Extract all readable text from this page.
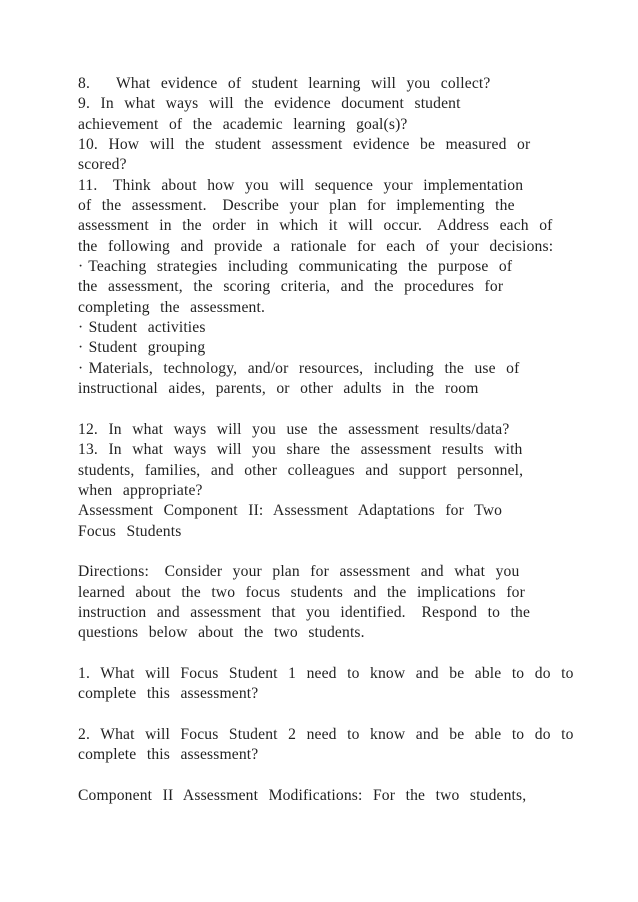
8.     What  evidence  of  student  learning  will  you  collect?
9.  In  what  ways  will  the  evidence  document  student
achievement  of  the  academic  learning  goal(s)?
10.  How  will  the  student  assessment  evidence  be  measured  or
scored?
11.   Think  about  how  you  will  sequence  your  implementation
of  the  assessment.   Describe  your  plan  for  implementing  the
assessment  in  the  order  in  which  it  will  occur.   Address  each  of
the  following  and  provide  a  rationale  for  each  of  your  decisions:
· Teaching  strategies  including  communicating  the  purpose  of
the  assessment,  the  scoring  criteria,  and  the  procedures  for
completing  the  assessment.
· Student  activities
· Student  grouping
· Materials,  technology,  and/or  resources,  including  the  use  of
instructional  aides,  parents,  or  other  adults  in  the  room
12.  In  what  ways  will  you  use  the  assessment  results/data?
13.  In  what  ways  will  you  share  the  assessment  results  with
students,  families,  and  other  colleagues  and  support  personnel,
when  appropriate?
Assessment  Component  II:  Assessment  Adaptations  for  Two
Focus  Students
Directions:   Consider  your  plan  for  assessment  and  what  you
learned  about  the  two  focus  students  and  the  implications  for
instruction  and  assessment  that  you  identified.   Respond  to  the
questions  below  about  the  two  students.
1.  What  will  Focus  Student  1  need  to  know  and  be  able  to  do  to
complete  this  assessment?
2.  What  will  Focus  Student  2  need  to  know  and  be  able  to  do  to
complete  this  assessment?
Component  II  Assessment  Modifications:  For  the  two  students,
